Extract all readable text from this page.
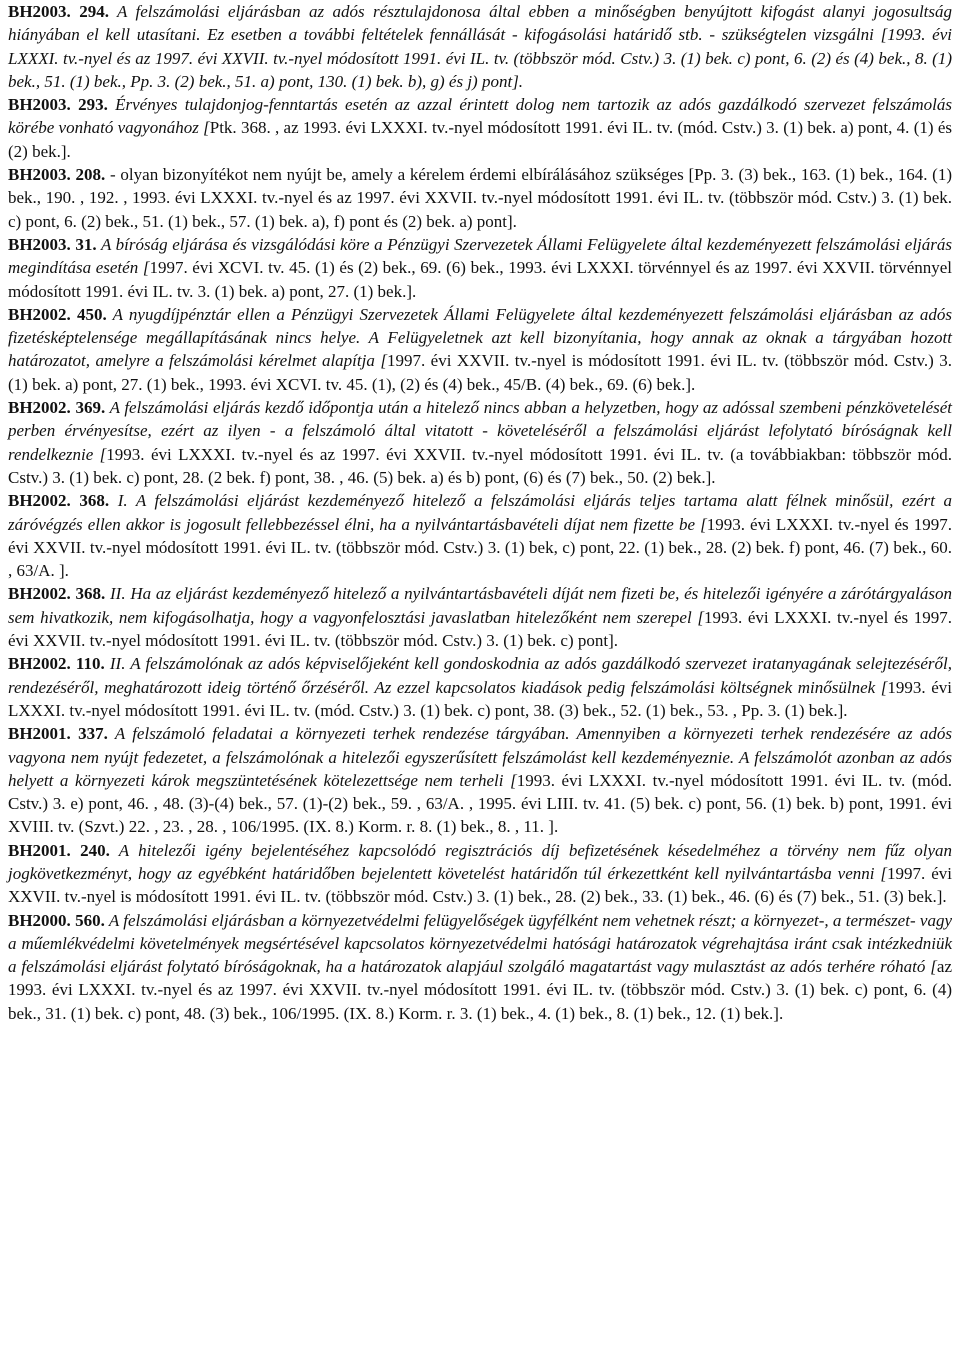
BH2003. 294. A felszámolási eljárásban az adós résztulajdonosa által ebben a minőségben benyújtott kifogást alanyi jogosultság hiányában el kell utasítani. Ez esetben a további feltételek fennállását - kifogásolási határidő stb. - szükségtelen vizsgálni [1993. évi LXXXI. tv.-nyel és az 1997. évi XXVII. tv.-nyel módosított 1991. évi IL. tv. (többször mód. Cstv.) 3. (1) bek. c) pont, 6. (2) és (4) bek., 8. (1) bek., 51. (1) bek., Pp. 3. (2) bek., 51. a) pont, 130. (1) bek. b), g) és j) pont].

BH2003. 293. Érvényes tulajdonjog-fenntartás esetén az azzal érintett dolog nem tartozik az adós gazdálkodó szervezet felszámolás körébe vonható vagyonához [Ptk. 368. , az 1993. évi LXXXI. tv.-nyel módosított 1991. évi IL. tv. (mód. Cstv.) 3. (1) bek. a) pont, 4. (1) és (2) bek.].

BH2003. 208. - olyan bizonyítékot nem nyújt be, amely a kérelem érdemi elbírálásához szükséges [Pp. 3. (3) bek., 163. (1) bek., 164. (1) bek., 190. , 192. , 1993. évi LXXXI. tv.-nyel és az 1997. évi XXVII. tv.-nyel módosított 1991. évi IL. tv. (többször mód. Cstv.) 3. (1) bek. c) pont, 6. (2) bek., 51. (1) bek., 57. (1) bek. a), f) pont és (2) bek. a) pont].

BH2003. 31. A bíróság eljárása és vizsgálódási köre a Pénzügyi Szervezetek Állami Felügyelete által kezdeményezett felszámolási eljárás megindítása esetén [1997. évi XCVI. tv. 45. (1) és (2) bek., 69. (6) bek., 1993. évi LXXXI. törvénnyel és az 1997. évi XXVII. törvénnyel módosított 1991. évi IL. tv. 3. (1) bek. a) pont, 27. (1) bek.].

BH2002. 450. A nyugdíjpénztár ellen a Pénzügyi Szervezetek Állami Felügyelete által kezdeményezett felszámolási eljárásban az adós fizetésképtelensége megállapításának nincs helye. A Felügyeletnek azt kell bizonyítania, hogy annak az oknak a tárgyában hozott határozatot, amelyre a felszámolási kérelmet alapítja [1997. évi XXVII. tv.-nyel is módosított 1991. évi IL. tv. (többször mód. Cstv.) 3. (1) bek. a) pont, 27. (1) bek., 1993. évi XCVI. tv. 45. (1), (2) és (4) bek., 45/B. (4) bek., 69. (6) bek.].

BH2002. 369. A felszámolási eljárás kezdő időpontja után a hitelező nincs abban a helyzetben, hogy az adóssal szembeni pénzkövetelését perben érvényesítse, ezért az ilyen - a felszámoló által vitatott - követeléséről a felszámolási eljárást lefolytató bíróságnak kell rendelkeznie [1993. évi LXXXI. tv.-nyel és az 1997. évi XXVII. tv.-nyel módosított 1991. évi IL. tv. (a továbbiakban: többször mód. Cstv.) 3. (1) bek. c) pont, 28. (2 bek. f) pont, 38. , 46. (5) bek. a) és b) pont, (6) és (7) bek., 50. (2) bek.].

BH2002. 368. I. A felszámolási eljárást kezdeményező hitelező a felszámolási eljárás teljes tartama alatt félnek minősül, ezért a záróvégzés ellen akkor is jogosult fellebbezéssel élni, ha a nyilvántartásbavételi díjat nem fizette be [1993. évi LXXXI. tv.-nyel és 1997. évi XXVII. tv.-nyel módosított 1991. évi IL. tv. (többször mód. Cstv.) 3. (1) bek, c) pont, 22. (1) bek., 28. (2) bek. f) pont, 46. (7) bek., 60. , 63/A. ].

BH2002. 368. II. Ha az eljárást kezdeményező hitelező a nyilvántartásbavételi díját nem fizeti be, és hitelezői igényére a zárótárgyaláson sem hivatkozik, nem kifogásolhatja, hogy a vagyonfelosztási javaslatban hitelezőként nem szerepel [1993. évi LXXXI. tv.-nyel és 1997. évi XXVII. tv.-nyel módosított 1991. évi IL. tv. (többször mód. Cstv.) 3. (1) bek. c) pont].

BH2002. 110. II. A felszámolónak az adós képviselőjeként kell gondoskodnia az adós gazdálkodó szervezet iratanyagának selejtezéséről, rendezéséről, meghatározott ideig történő őrzéséről. Az ezzel kapcsolatos kiadások pedig felszámolási költségnek minősülnek [1993. évi LXXXI. tv.-nyel módosított 1991. évi IL. tv. (mód. Cstv.) 3. (1) bek. c) pont, 38. (3) bek., 52. (1) bek., 53. , Pp. 3. (1) bek.].

BH2001. 337. A felszámoló feladatai a környezeti terhek rendezése tárgyában. Amennyiben a környezeti terhek rendezésére az adós vagyona nem nyújt fedezetet, a felszámolónak a hitelezői egyszerűsített felszámolást kell kezdeményeznie. A felszámolót azonban az adós helyett a környezeti károk megszüntetésének kötelezettsége nem terheli [1993. évi LXXXI. tv.-nyel módosított 1991. évi IL. tv. (mód. Cstv.) 3. e) pont, 46. , 48. (3)-(4) bek., 57. (1)-(2) bek., 59. , 63/A. , 1995. évi LIII. tv. 41. (5) bek. c) pont, 56. (1) bek. b) pont, 1991. évi XVIII. tv. (Szvt.) 22. , 23. , 28. , 106/1995. (IX. 8.) Korm. r. 8. (1) bek., 8. , 11. ].

BH2001. 240. A hitelezői igény bejelentéséhez kapcsolódó regisztrációs díj befizetésének késedelméhez a törvény nem fűz olyan jogkövetkezményt, hogy az egyébként határidőben bejelentett követelést határidőn túl érkezettként kell nyilvántartásba venni [1997. évi XXVII. tv.-nyel is módosított 1991. évi IL. tv. (többször mód. Cstv.) 3. (1) bek., 28. (2) bek., 33. (1) bek., 46. (6) és (7) bek., 51. (3) bek.].

BH2000. 560. A felszámolási eljárásban a környezetvédelmi felügyelőségek ügyfélként nem vehetnek részt; a környezet-, a természet- vagy a műemlékvédelmi követelmények megsértésével kapcsolatos környezetvédelmi hatósági határozatok végrehajtása iránt csak intézkedniük a felszámolási eljárást folytató bíróságoknak, ha a határozatok alapjául szolgáló magatartást vagy mulasztást az adós terhére róható [az 1993. évi LXXXI. tv.-nyel és az 1997. évi XXVII. tv.-nyel módosított 1991. évi IL. tv. (többször mód. Cstv.) 3. (1) bek. c) pont, 6. (4) bek., 31. (1) bek. c) pont, 48. (3) bek., 106/1995. (IX. 8.) Korm. r. 3. (1) bek., 4. (1) bek., 8. (1) bek., 12. (1) bek.].
